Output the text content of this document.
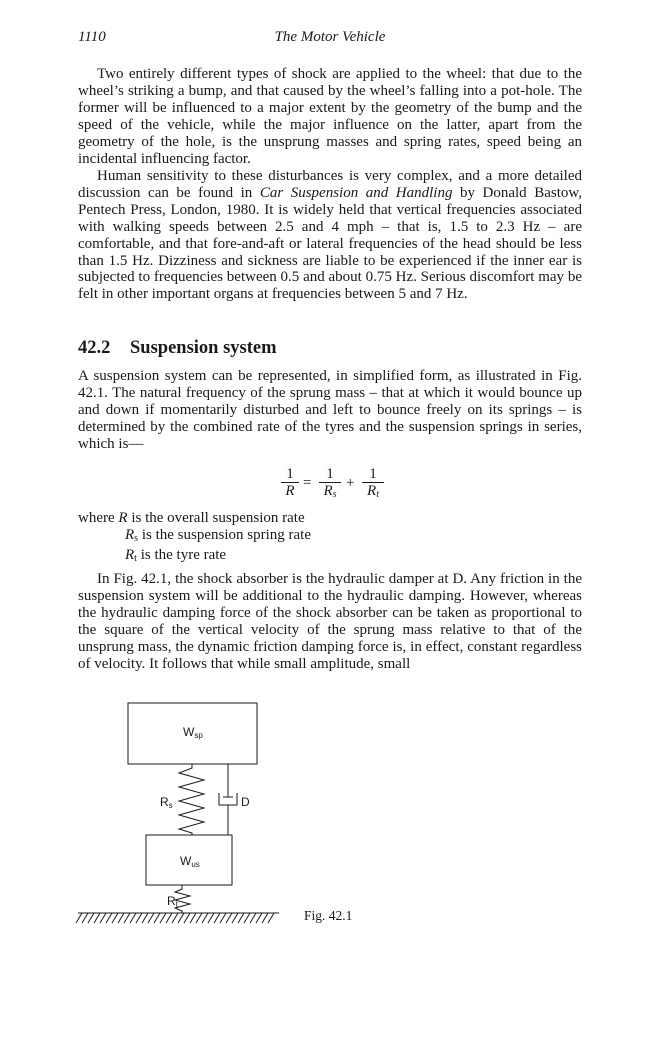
1110	The Motor Vehicle

Two entirely different types of shock are applied to the wheel: that due to the wheel’s striking a bump, and that caused by the wheel’s falling into a pot-hole. The former will be influenced to a major extent by the geometry of the bump and the speed of the vehicle, while the major influence on the latter, apart from the geometry of the hole, is the unsprung masses and spring rates, speed being an incidental influencing factor.

Human sensitivity to these disturbances is very complex, and a more detailed discussion can be found in Car Suspension and Handling by Donald Bastow, Pentech Press, London, 1980. It is widely held that vertical frequencies associated with walking speeds between 2.5 and 4 mph – that is, 1.5 to 2.3 Hz – are comfortable, and that fore-and-aft or lateral frequencies of the head should be less than 1.5 Hz. Dizziness and sickness are liable to be experienced if the inner ear is subjected to frequencies between 0.5 and about 0.75 Hz. Serious discomfort may be felt in other important organs at frequencies between 5 and 7 Hz.

42.2 Suspension system

A suspension system can be represented, in simplified form, as illustrated in Fig. 42.1. The natural frequency of the sprung mass – that at which it would bounce up and down if momentarily disturbed and left to bounce freely on its springs – is determined by the combined rate of the tyres and the suspension springs in series, which is—

$\frac{1}{R} = \frac{1}{R_s} + \frac{1}{R_t}$
where R is the overall suspension rate
$R_s$ is the suspension spring rate
$R_t$ is the tyre rate

In Fig. 42.1, the shock absorber is the hydraulic damper at D. Any friction in the suspension system will be additional to the hydraulic damping. However, whereas the hydraulic damping force of the shock absorber can be taken as proportional to the square of the vertical velocity of the sprung mass relative to that of the unsprung mass, the dynamic friction damping force is, in effect, constant regardless of velocity. It follows that while small amplitude, small

Wsp
Rs	D
Wus
Rt
Fig. 42.1
